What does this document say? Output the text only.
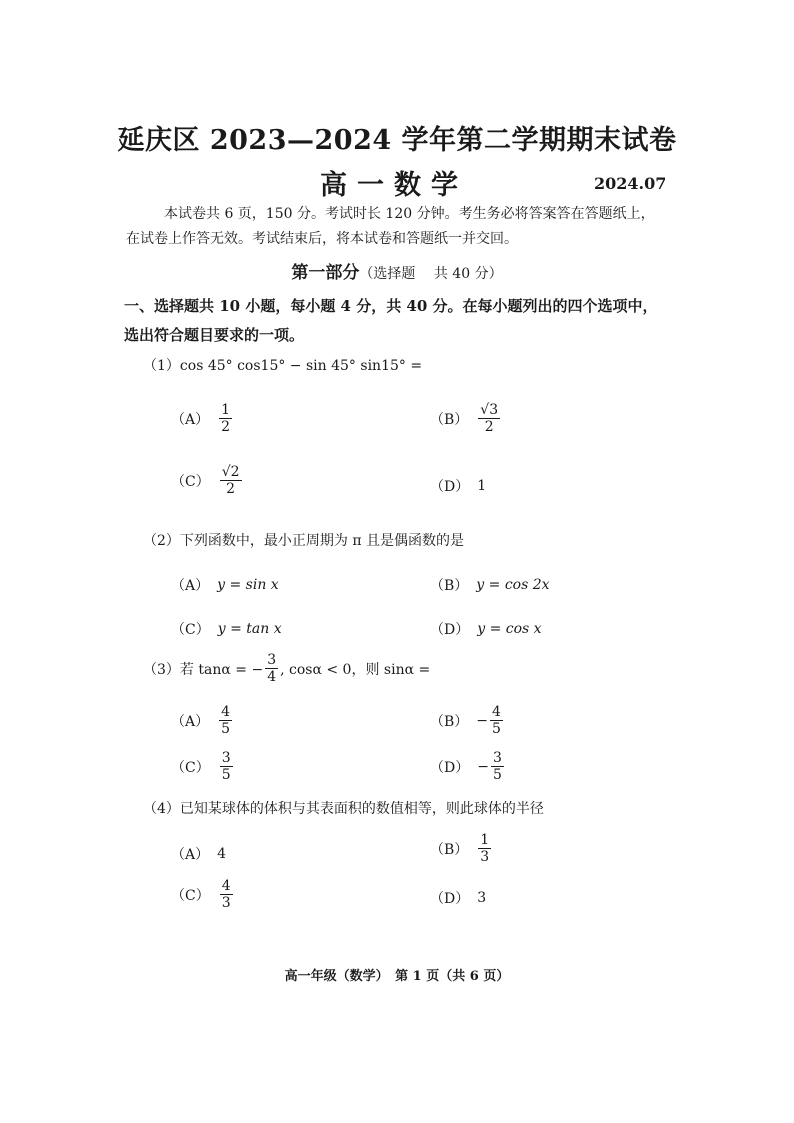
延庆区 2023—2024 学年第二学期期末试卷
高一数学	2024.07
本试卷共 6 页，150 分。考试时长 120 分钟。考生务必将答案答在答题纸上，在试卷上作答无效。考试结束后，将本试卷和答题纸一并交回。
第一部分（选择题　 共 40 分）
一、选择题共 10 小题，每小题 4 分，共 40 分。在每小题列出的四个选项中，选出符合题目要求的一项。
（1）cos 45° cos15° − sin 45° sin15° =
$(A) \frac{1}{2}$	$(B) \frac{√3}{2}$
$(C) \frac{√2}{2}$	（D） 1
（2）下列函数中，最小正周期为 π 且是偶函数的是
（A） y = sin x	（B） y = cos 2x
（C） y = tan x	（D） y = cos x
（3） 若 tanα = − $\frac{3}{4}$ , cosα < 0，则 sinα =
$(A) \frac{4}{5}$	$(B) - \frac{4}{5}$
$(C) \frac{3}{5}$	$(D) - \frac{3}{5}$
（4）已知某球体的体积与其表面积的数值相等，则此球体的半径
（A） 4	$(B) \frac{1}{3}$
$(C) \frac{4}{3}$	（D） 3
高一年级（数学）　第 1 页（共 6 页）
